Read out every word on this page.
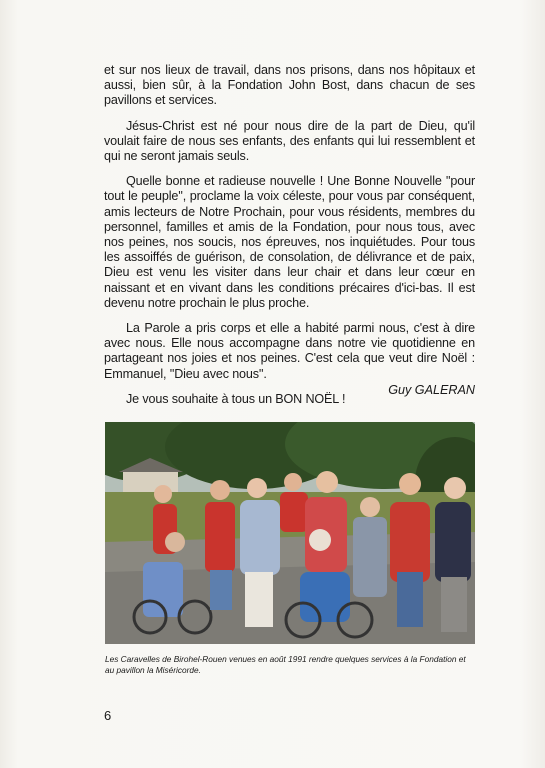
et sur nos lieux de travail, dans nos prisons, dans nos hôpitaux et aussi, bien sûr, à la Fondation John Bost, dans chacun de ses pavillons et services.

Jésus-Christ est né pour nous dire de la part de Dieu, qu'il voulait faire de nous ses enfants, des enfants qui lui ressemblent et qui ne seront jamais seuls.

Quelle bonne et radieuse nouvelle ! Une Bonne Nouvelle ''pour tout le peuple'', proclame la voix céleste, pour vous par conséquent, amis lecteurs de Notre Prochain, pour vous résidents, membres du personnel, familles et amis de la Fondation, pour nous tous, avec nos peines, nos soucis, nos épreuves, nos inquiétudes. Pour tous les assoiffés de guérison, de consolation, de délivrance et de paix, Dieu est venu les visiter dans leur chair et dans leur cœur en naissant et en vivant dans les conditions précaires d'ici-bas. Il est devenu notre prochain le plus proche.

La Parole a pris corps et elle a habité parmi nous, c'est à dire avec nous. Elle nous accompagne dans notre vie quotidienne en partageant nos joies et nos peines. C'est cela que veut dire Noël : Emmanuel, ''Dieu avec nous''.

Je vous souhaite à tous un BON NOËL !

Guy GALERAN
Les Caravelles de Birohel-Rouen venues en août 1991 rendre quelques services à la Fondation et au pavillon la Miséricorde.
6
